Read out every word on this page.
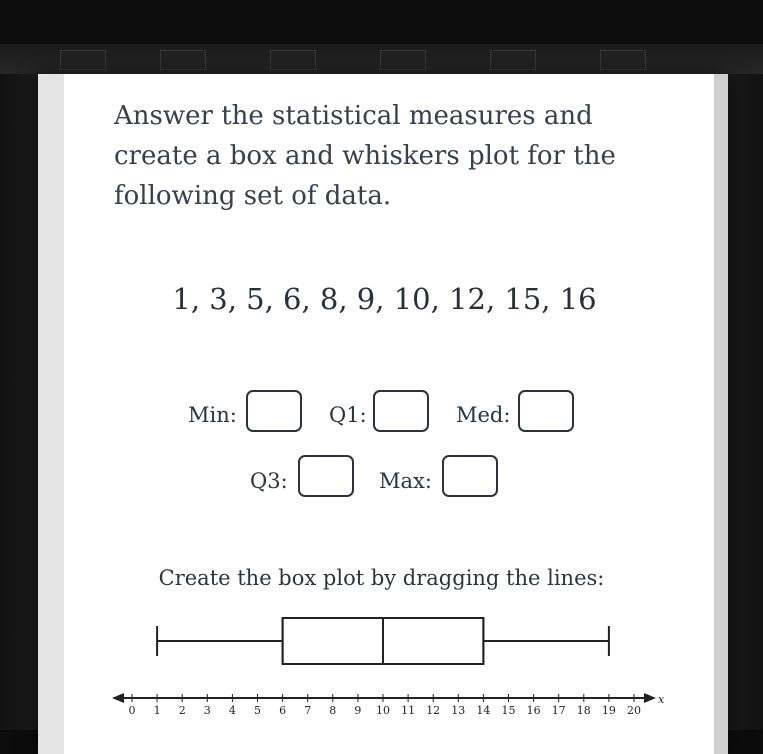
Answer the statistical measures and create a box and whiskers plot for the following set of data.

1, 3, 5, 6, 8, 9, 10, 12, 15, 16
Min:	Q1:	Med:
Q3:	Max:
Create the box plot by dragging the lines:
x
0 1 2 3 4 5 6 7 8 9 10 11 12 13 14 15 16 17 18 19 20
